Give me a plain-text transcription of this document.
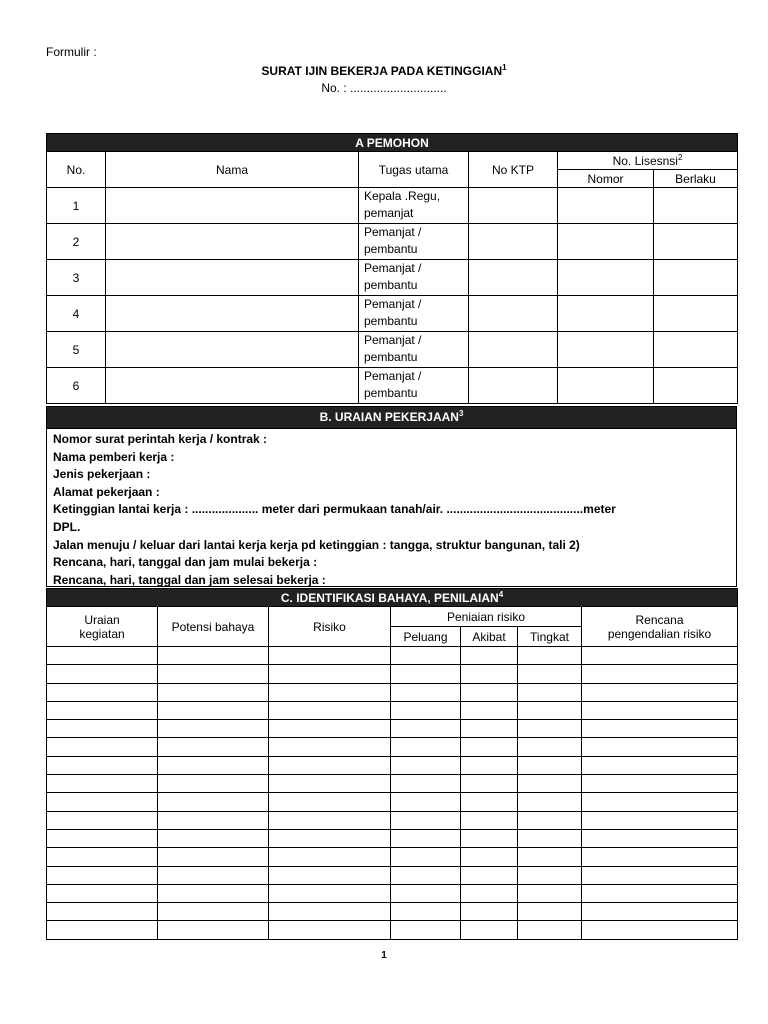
Formulir :
SURAT IJIN BEKERJA PADA KETINGGIAN$^1$
No. : .............................
A PEMOHON					
No.	Nama	Tugas utama	No KTP	No. Lisesnsi$^2$
				Nomor	Berlaku
1		Kepala .Regu,
pemanjat			
2		Pemanjat /
pembantu			
3		Pemanjat /
pembantu			
4		Pemanjat /
pembantu			
5		Pemanjat /
pembantu			
6		Pemanjat /
pembantu			
B. URAIAN PEKERJAAN$^3$
Nomor surat perintah kerja / kontrak :
Nama pemberi kerja :
Jenis pekerjaan :
Alamat pekerjaan :
Ketinggian lantai kerja : .................... meter dari permukaan tanah/air. .........................................meter
DPL.
Jalan menuju / keluar dari lantai kerja kerja pd ketinggian : tangga, struktur bangunan, tali 2)
Rencana, hari, tanggal dan jam mulai bekerja :
Rencana, hari, tanggal dan jam selesai bekerja :
C. IDENTIFIKASI BAHAYA, PENILAIAN$^4$
Uraian
kegiatan	Potensi bahaya	Risiko	Peniaian risiko			Rencana
pengendalian risiko
			Peluang	Akibat	Tingkat	

1
